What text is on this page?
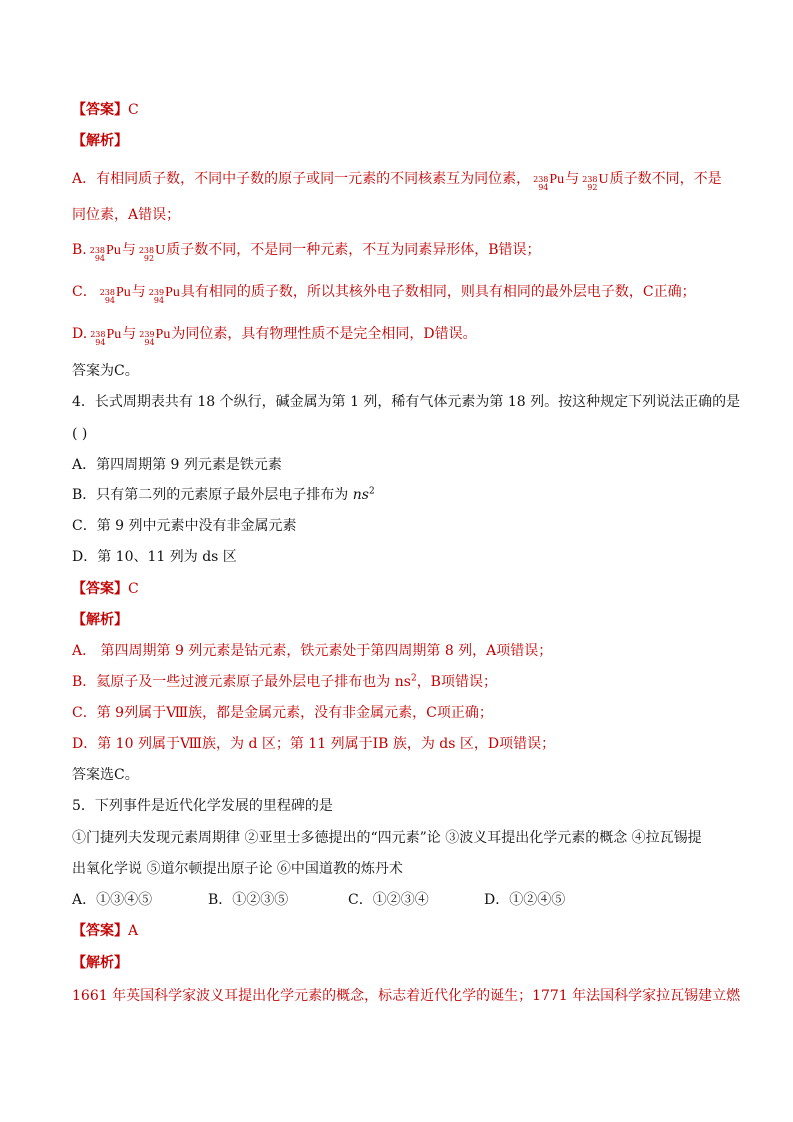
【答案】C
【解析】
A．有相同质子数，不同中子数的原子或同一元素的不同核素互为同位素， 238
94
Pu 与 238
92
U 质子数不同，不是
同位素，A错误；
B. 238
94
Pu 与 238
92
U 质子数不同，不是同一种元素，不互为同素异形体，B错误；
C． 238
94
Pu 与 239
94
Pu 具有相同的质子数，所以其核外电子数相同，则具有相同的最外层电子数，C正确；
D. 238
94
Pu 与 239
94
Pu 为同位素，具有物理性质不是完全相同，D错误。
答案为C。
4．长式周期表共有 18 个纵行，碱金属为第 1 列，稀有气体元素为第 18 列。按这种规定下列说法正确的是
( )
A．第四周期第 9 列元素是铁元素
B．只有第二列的元素原子最外层电子排布为 $ns^2$
C．第 9 列中元素中没有非金属元素
D．第 10、11 列为 ds 区
【答案】C
【解析】
A． 第四周期第 9 列元素是钴元素，铁元素处于第四周期第 8 列，A项错误；
B．氦原子及一些过渡元素原子最外层电子排布也为 $ns^2$，B项错误；
C．第 9列属于Ⅷ族，都是金属元素，没有非金属元素，C项正确；
D．第 10 列属于Ⅷ族，为 d 区；第 11 列属于ⅠB 族，为 ds 区，D项错误；
答案选C。
5．下列事件是近代化学发展的里程碑的是
①门捷列夫发现元素周期律 ②亚里士多德提出的“四元素”论 ③波义耳提出化学元素的概念 ④拉瓦锡提
出氧化学说 ⑤道尔顿提出原子论 ⑥中国道教的炼丹术
A．①③④⑤	B．①②③⑤	C．①②③④	D．①②④⑤
【答案】A
【解析】
1661 年英国科学家波义耳提出化学元素的概念，标志着近代化学的诞生；1771 年法国科学家拉瓦锡建立燃
